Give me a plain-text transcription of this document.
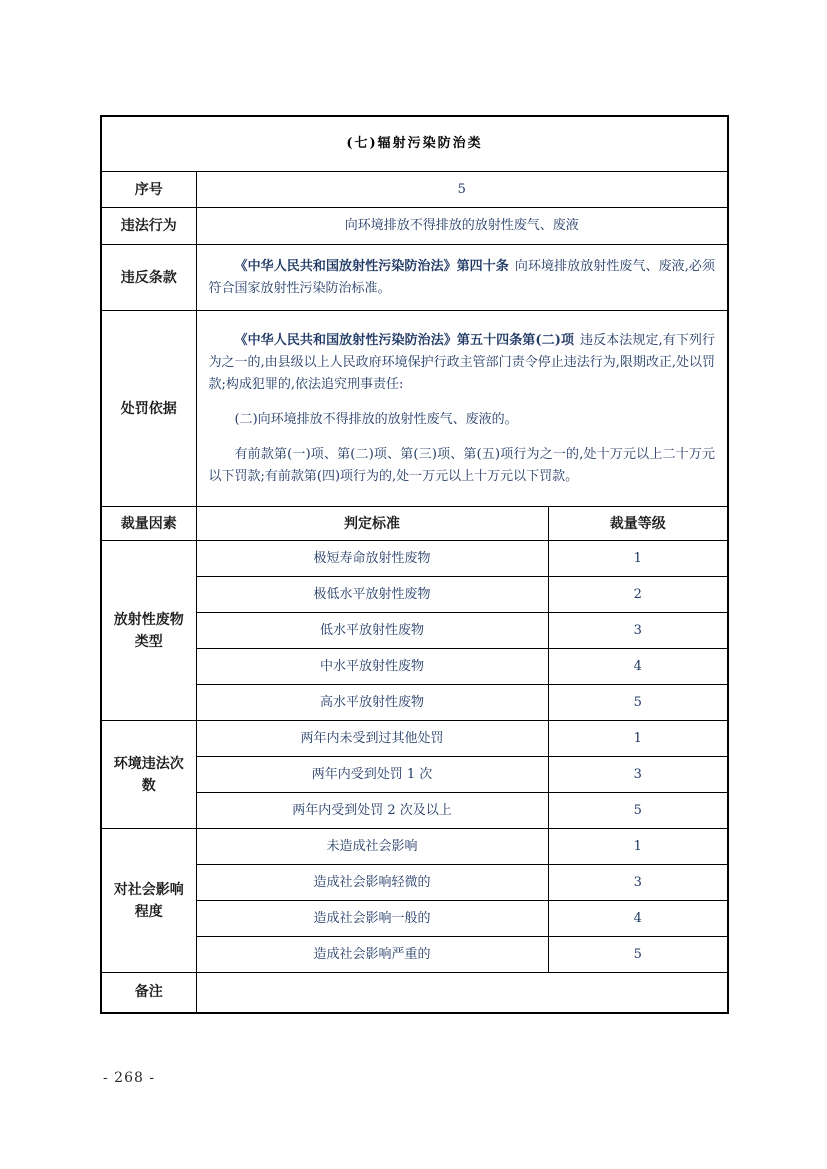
(七)辐射污染防治类		
序号	5	
违法行为	向环境排放不得排放的放射性废气、废液	
违反条款	《中华人民共和国放射性污染防治法》第四十条 向环境排放放射性废气、废液,必须符合国家放射性污染防治标准。	

处罚依据	《中华人民共和国放射性污染防治法》第五十四条第(二)项 违反本法规定,有下列行为之一的,由县级以上人民政府环境保护行政主管部门责令停止违法行为,限期改正,处以罚款;构成犯罪的,依法追究刑事责任:

(二)向环境排放不得排放的放射性废气、废液的。

有前款第(一)项、第(二)项、第(三)项、第(五)项行为之一的,处十万元以上二十万元以下罚款;有前款第(四)项行为的,处一万元以上十万元以下罚款。	

裁量因素	判定标准	裁量等级
放射性废物类型	极短寿命放射性废物	1
	极低水平放射性废物	2
	低水平放射性废物	3
	中水平放射性废物	4
	高水平放射性废物	5
环境违法次数	两年内未受到过其他处罚	1
	两年内受到处罚 1 次	3
	两年内受到处罚 2 次及以上	5
对社会影响程度	未造成社会影响	1
	造成社会影响轻微的	3
	造成社会影响一般的	4
	造成社会影响严重的	5
备注		
- 268 -
